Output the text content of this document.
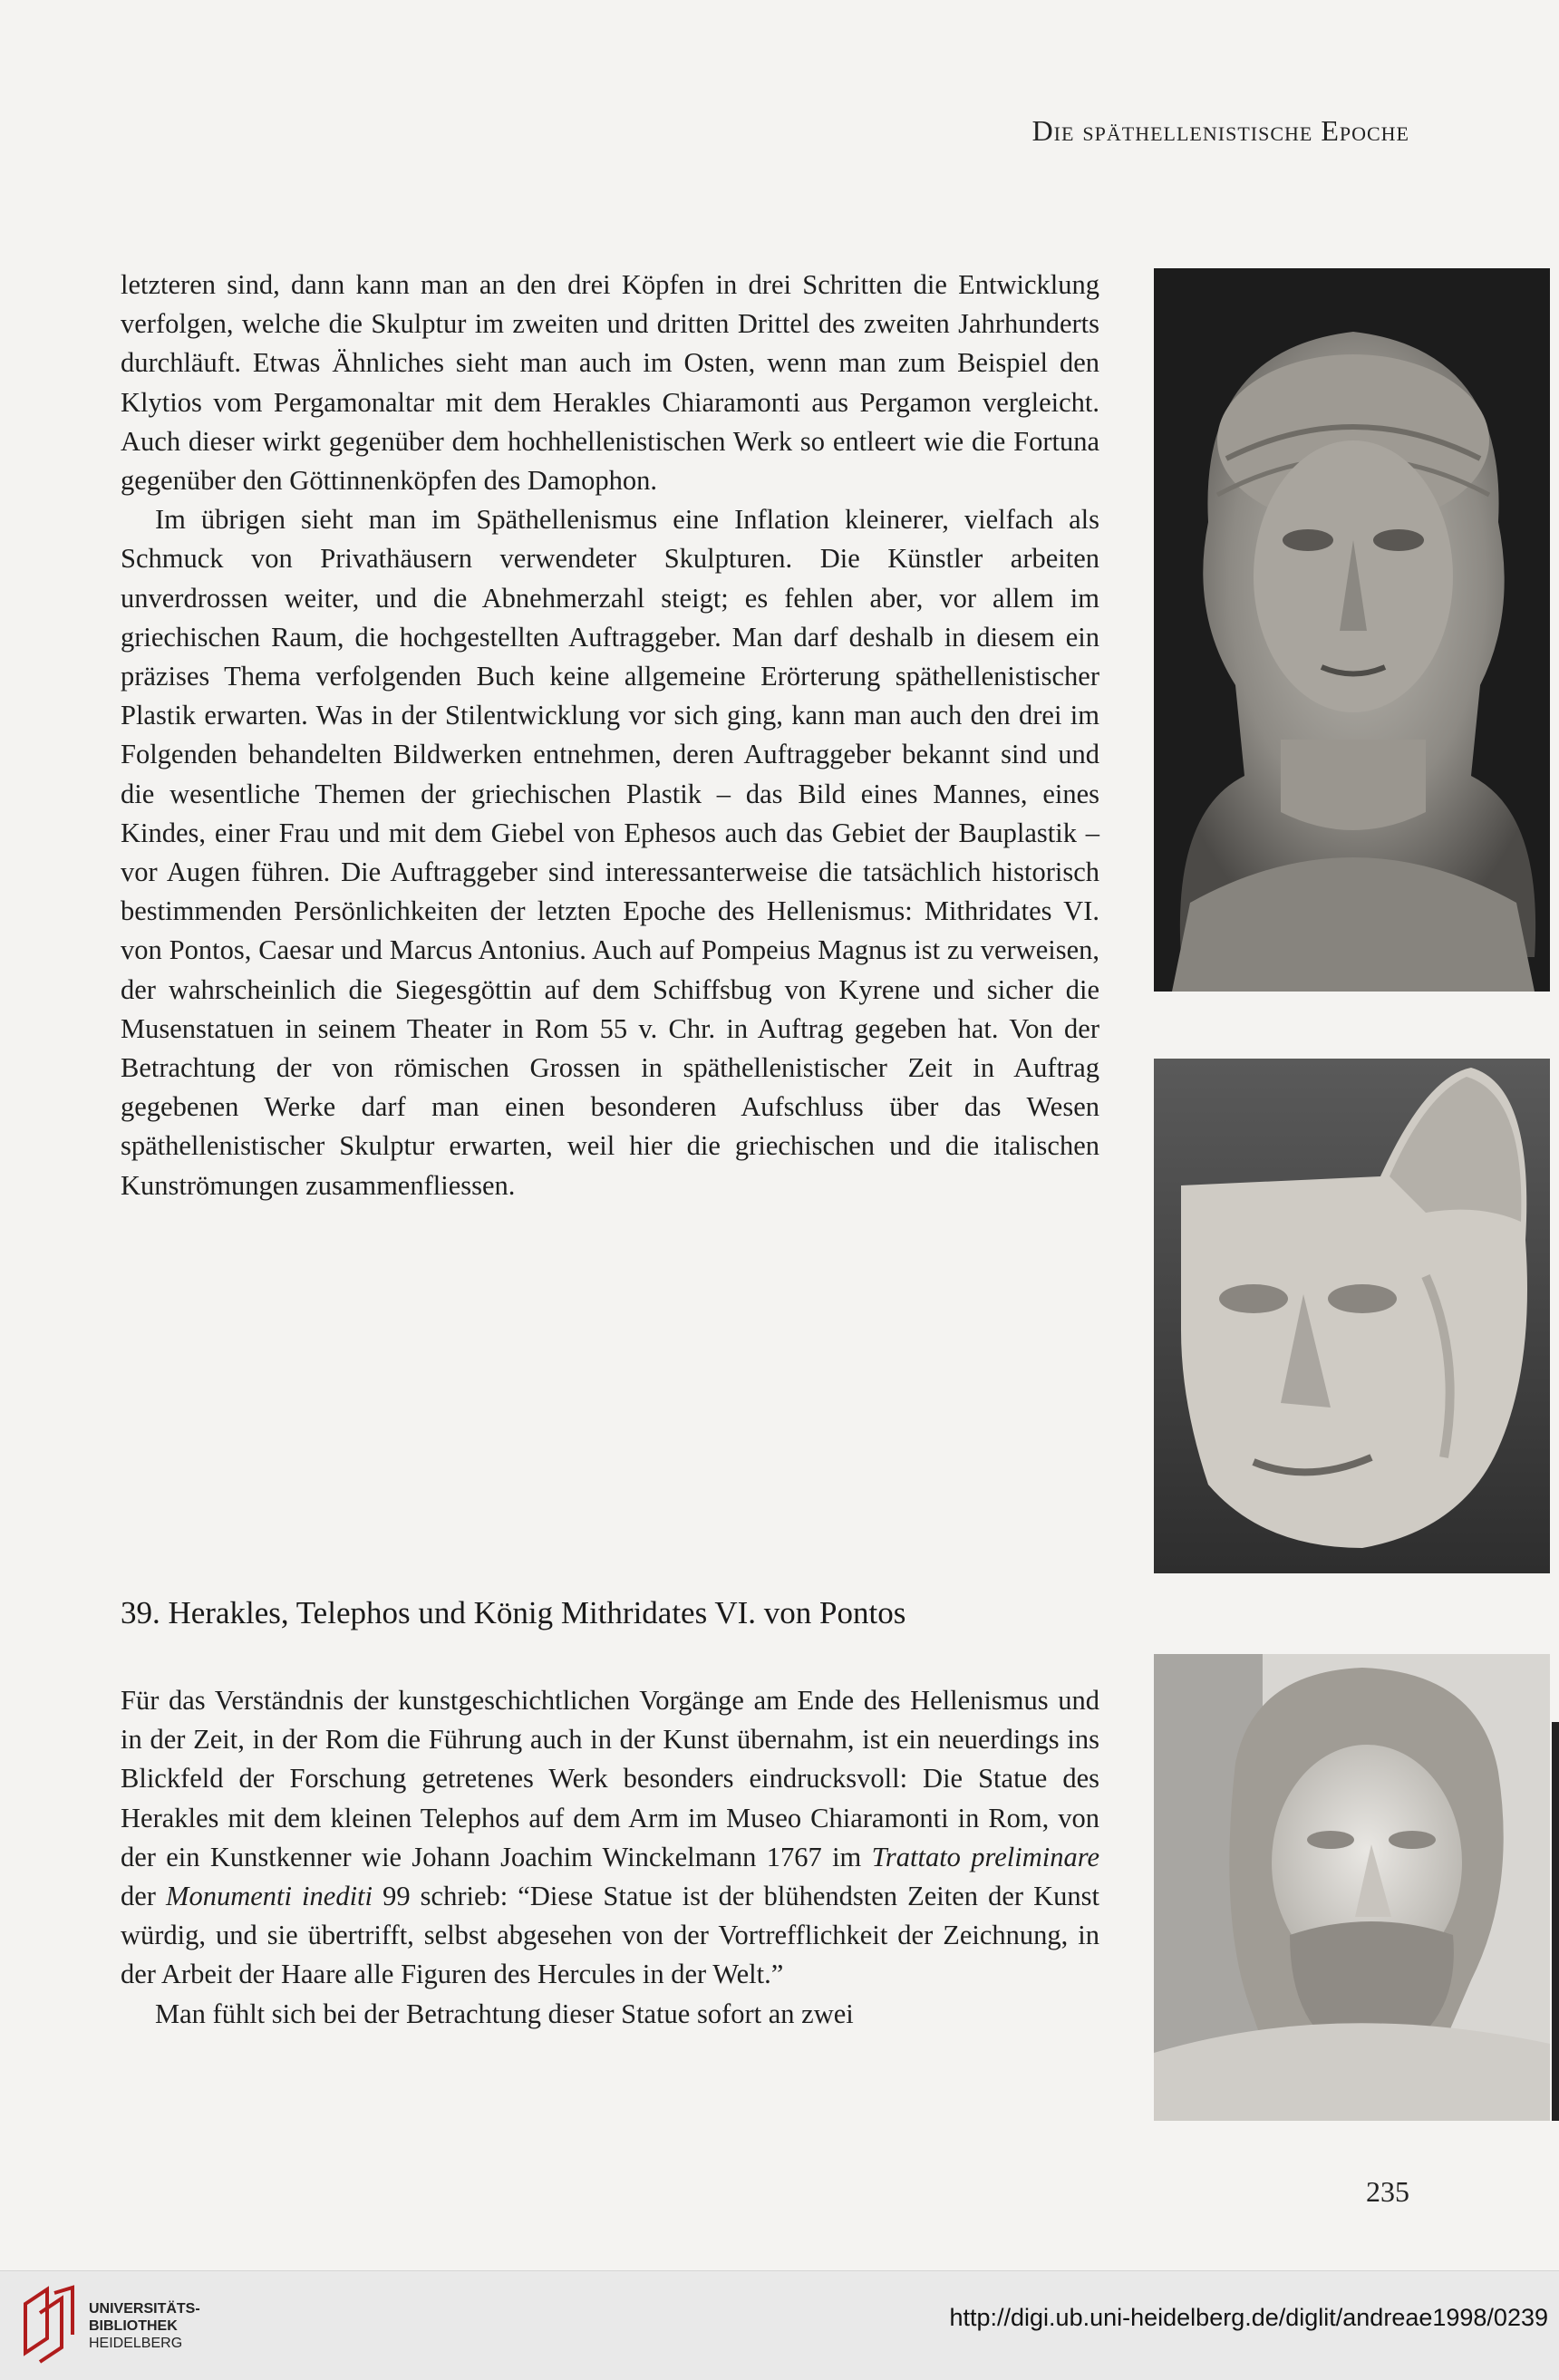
Die späthellenistische Epoche

letzteren sind, dann kann man an den drei Köpfen in drei Schritten die Entwicklung verfolgen, welche die Skulptur im zweiten und dritten Drittel des zweiten Jahrhunderts durchläuft. Etwas Ähnliches sieht man auch im Osten, wenn man zum Beispiel den Klytios vom Pergamonaltar mit dem Herakles Chiaramonti aus Pergamon vergleicht. Auch dieser wirkt gegenüber dem hochhellenistischen Werk so entleert wie die Fortuna gegenüber den Göttinnenköpfen des Damophon.

Im übrigen sieht man im Späthellenismus eine Inflation kleinerer, vielfach als Schmuck von Privathäusern verwendeter Skulpturen. Die Künstler arbeiten unverdrossen weiter, und die Abnehmerzahl steigt; es fehlen aber, vor allem im griechischen Raum, die hochgestellten Auftraggeber. Man darf deshalb in diesem ein präzises Thema verfolgenden Buch keine allgemeine Erörterung späthellenistischer Plastik erwarten. Was in der Stilentwicklung vor sich ging, kann man auch den drei im Folgenden behandelten Bildwerken entnehmen, deren Auftraggeber bekannt sind und die wesentliche Themen der griechischen Plastik – das Bild eines Mannes, eines Kindes, einer Frau und mit dem Giebel von Ephesos auch das Gebiet der Bauplastik – vor Augen führen. Die Auftraggeber sind interessanterweise die tatsächlich historisch bestimmenden Persönlichkeiten der letzten Epoche des Hellenismus: Mithridates VI. von Pontos, Caesar und Marcus Antonius. Auch auf Pompeius Magnus ist zu verweisen, der wahrscheinlich die Siegesgöttin auf dem Schiffsbug von Kyrene und sicher die Musenstatuen in seinem Theater in Rom 55 v. Chr. in Auftrag gegeben hat. Von der Betrachtung der von römischen Grossen in späthellenistischer Zeit in Auftrag gegebenen Werke darf man einen besonderen Aufschluss über das Wesen späthellenistischer Skulptur erwarten, weil hier die griechischen und die italischen Kunströmungen zusammenfliessen.

39. Herakles, Telephos und König Mithridates VI. von Pontos

Für das Verständnis der kunstgeschichtlichen Vorgänge am Ende des Hellenismus und in der Zeit, in der Rom die Führung auch in der Kunst übernahm, ist ein neuerdings ins Blickfeld der Forschung getretenes Werk besonders eindrucksvoll: Die Statue des Herakles mit dem kleinen Telephos auf dem Arm im Museo Chiaramonti in Rom, von der ein Kunstkenner wie Johann Joachim Winckelmann 1767 im Trattato preliminare der Monumenti inediti 99 schrieb: “Diese Statue ist der blühendsten Zeiten der Kunst würdig, und sie übertrifft, selbst abgesehen von der Vortrefflichkeit der Zeichnung, in der Arbeit der Haare alle Figuren des Hercules in der Welt.”

Man fühlt sich bei der Betrachtung dieser Statue sofort an zwei

235
UNIVERSITÄTS-
BIBLIOTHEK
HEIDELBERG
http://digi.ub.uni-heidelberg.de/diglit/andreae1998/0239
